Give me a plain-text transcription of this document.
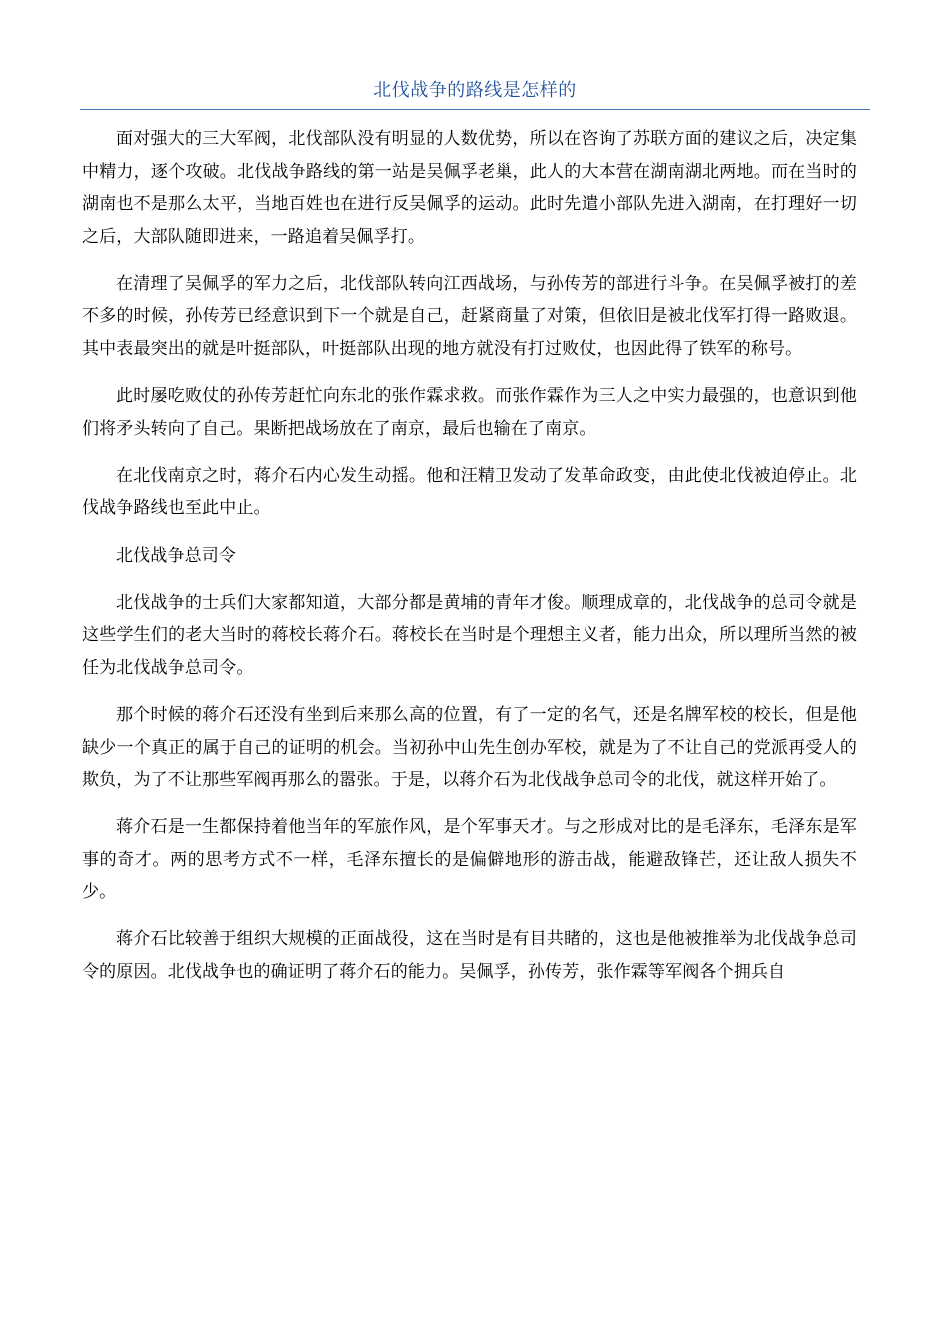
北伐战争的路线是怎样的

面对强大的三大军阀，北伐部队没有明显的人数优势，所以在咨询了苏联方面的建议之后，决定集中精力，逐个攻破。北伐战争路线的第一站是吴佩孚老巢，此人的大本营在湖南湖北两地。而在当时的湖南也不是那么太平，当地百姓也在进行反吴佩孚的运动。此时先遣小部队先进入湖南，在打理好一切之后，大部队随即进来，一路追着吴佩孚打。

在清理了吴佩孚的军力之后，北伐部队转向江西战场，与孙传芳的部进行斗争。在吴佩孚被打的差不多的时候，孙传芳已经意识到下一个就是自己，赶紧商量了对策，但依旧是被北伐军打得一路败退。其中表最突出的就是叶挺部队，叶挺部队出现的地方就没有打过败仗，也因此得了铁军的称号。

此时屡吃败仗的孙传芳赶忙向东北的张作霖求救。而张作霖作为三人之中实力最强的，也意识到他们将矛头转向了自己。果断把战场放在了南京，最后也输在了南京。

在北伐南京之时，蒋介石内心发生动摇。他和汪精卫发动了发革命政变，由此使北伐被迫停止。北伐战争路线也至此中止。

北伐战争总司令

北伐战争的士兵们大家都知道，大部分都是黄埔的青年才俊。顺理成章的，北伐战争的总司令就是这些学生们的老大当时的蒋校长蒋介石。蒋校长在当时是个理想主义者，能力出众，所以理所当然的被任为北伐战争总司令。

那个时候的蒋介石还没有坐到后来那么高的位置，有了一定的名气，还是名牌军校的校长，但是他缺少一个真正的属于自己的证明的机会。当初孙中山先生创办军校，就是为了不让自己的党派再受人的欺负，为了不让那些军阀再那么的嚣张。于是，以蒋介石为北伐战争总司令的北伐，就这样开始了。

蒋介石是一生都保持着他当年的军旅作风，是个军事天才。与之形成对比的是毛泽东，毛泽东是军事的奇才。两的思考方式不一样，毛泽东擅长的是偏僻地形的游击战，能避敌锋芒，还让敌人损失不少。

蒋介石比较善于组织大规模的正面战役，这在当时是有目共睹的，这也是他被推举为北伐战争总司令的原因。北伐战争也的确证明了蒋介石的能力。吴佩孚，孙传芳，张作霖等军阀各个拥兵自
